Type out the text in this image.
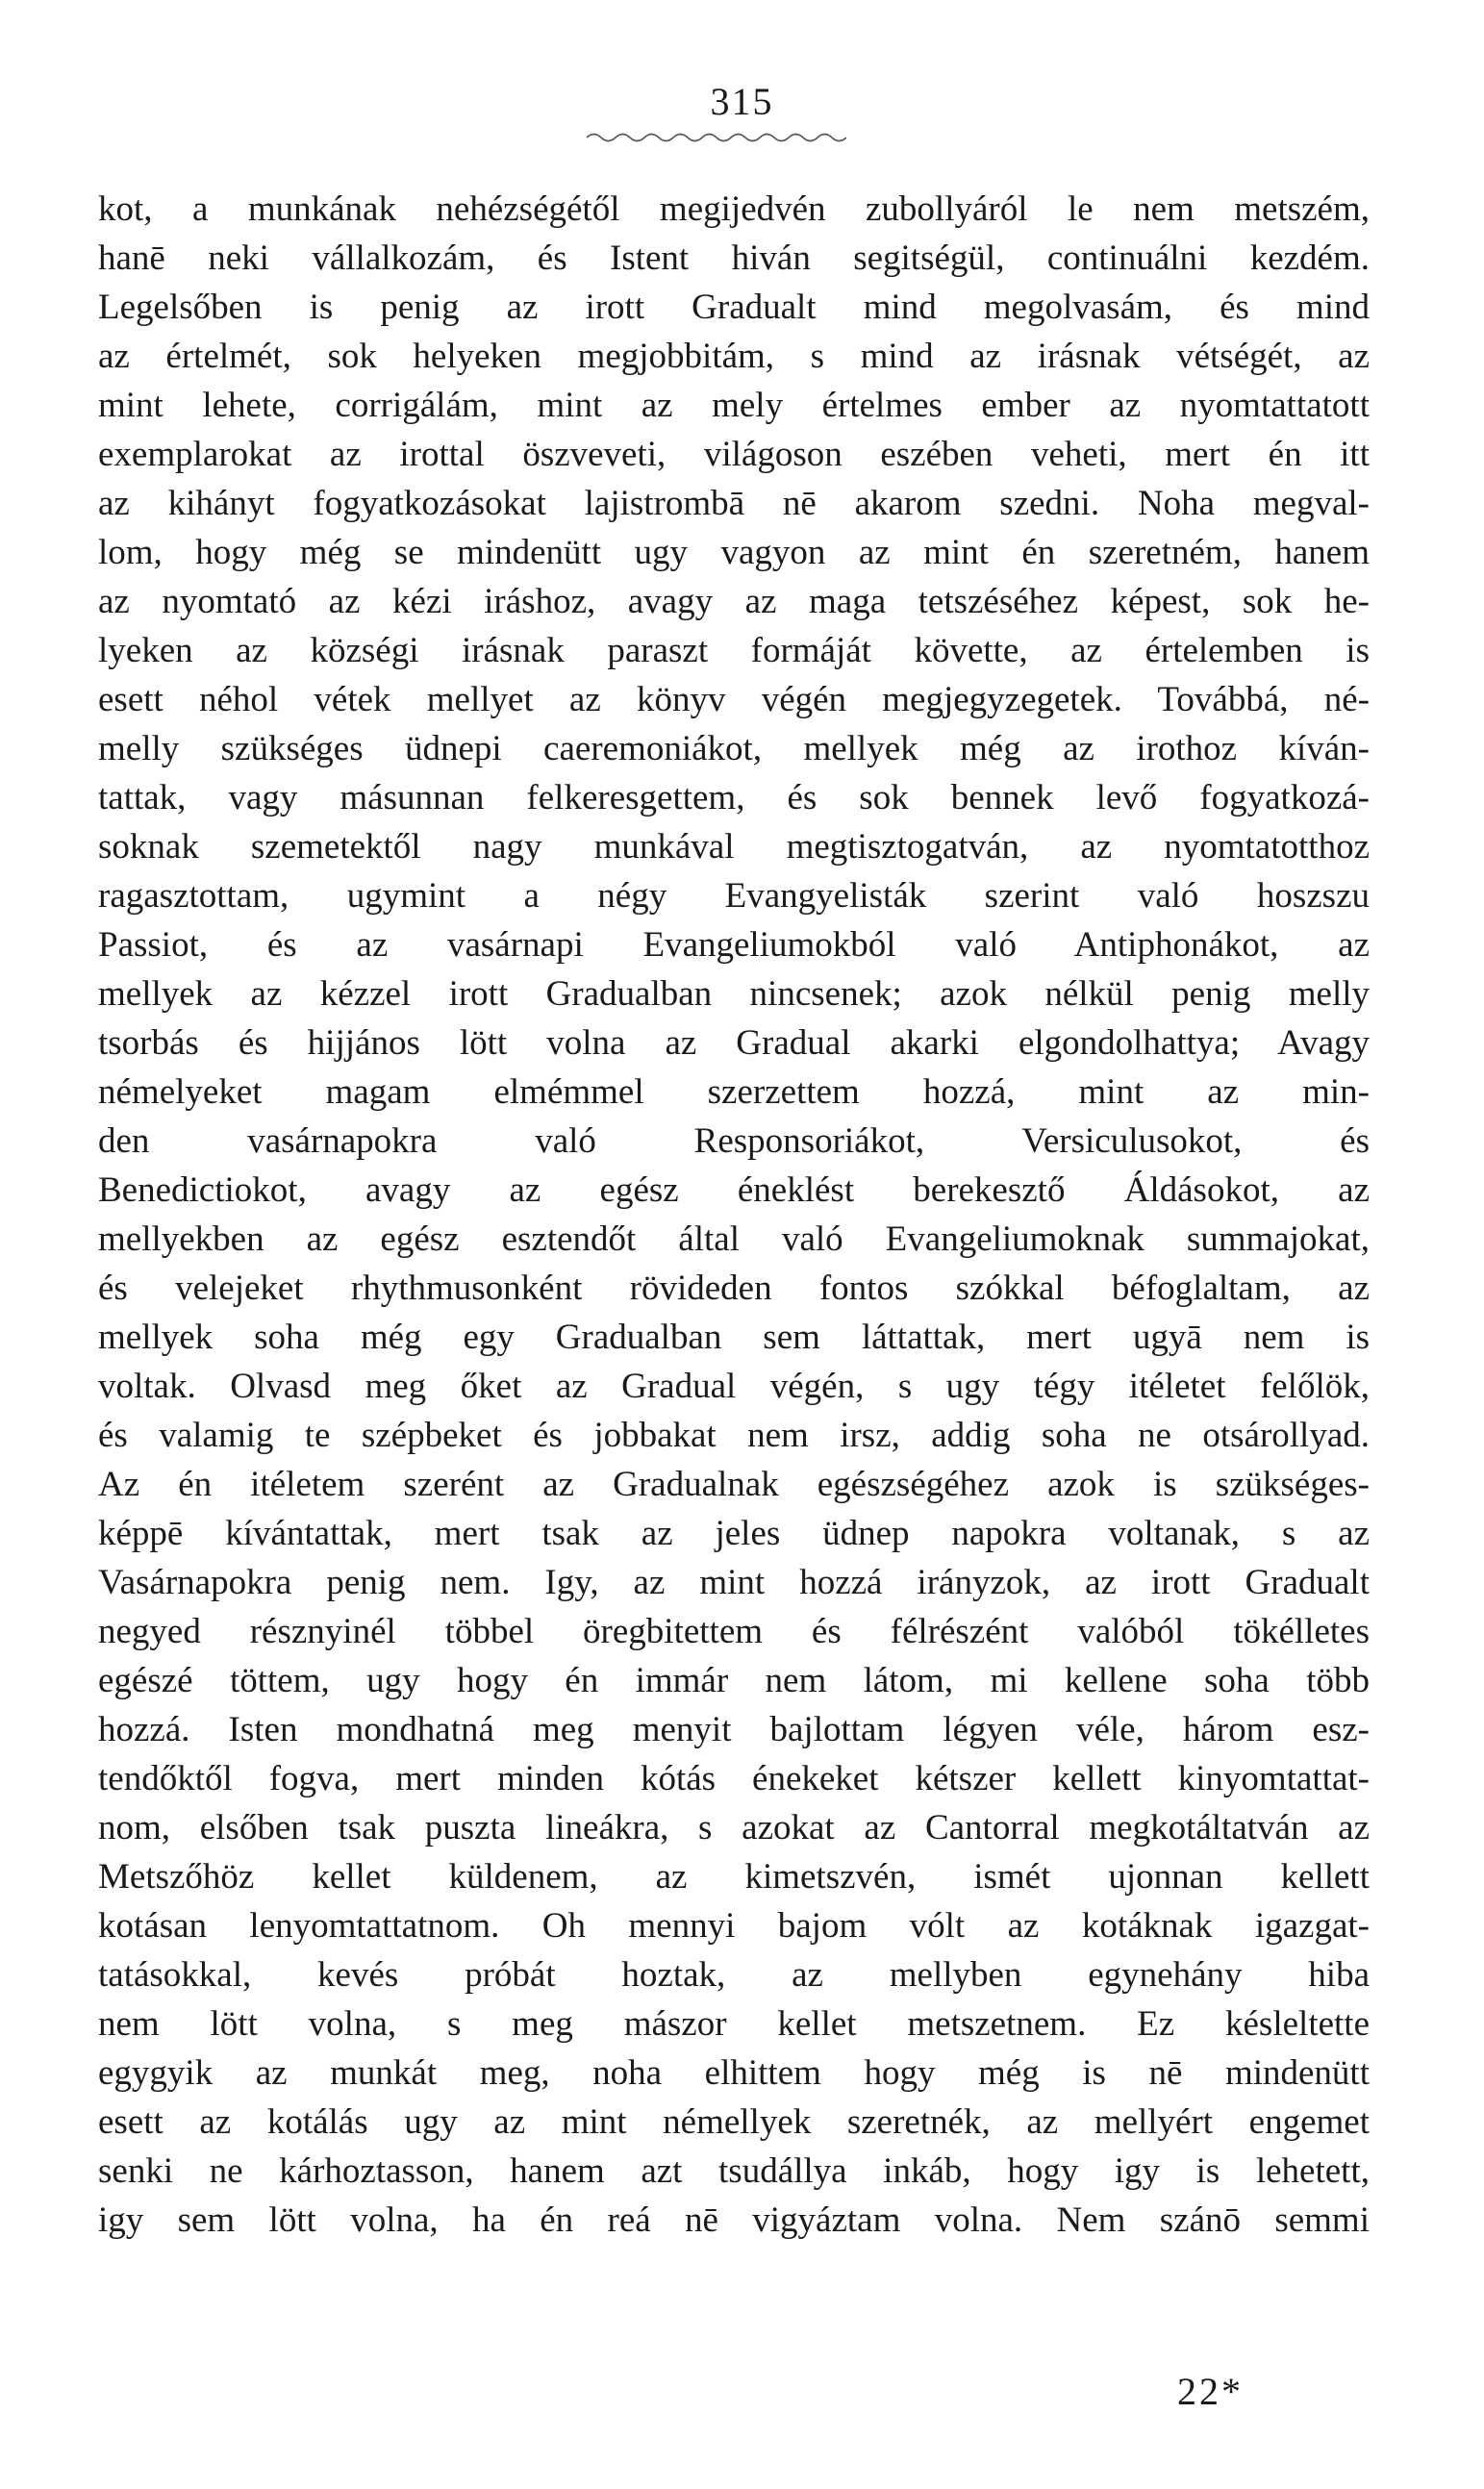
315
kot, a munkának nehézségétől megijedvén zubollyáról le nem metszém,
hanē neki vállalkozám, és Istent hiván segitségül, continuálni kezdém.
Legelsőben is penig az irott Gradualt mind megolvasám, és mind
az értelmét, sok helyeken megjobbitám, s mind az irásnak vétségét, az
mint lehete, corrigálám, mint az mely értelmes ember az nyomtattatott
exemplarokat az irottal öszveveti, világoson eszében veheti, mert én itt
az kihányt fogyatkozásokat lajistrombā nē akarom szedni. Noha megval-
lom, hogy még se mindenütt ugy vagyon az mint én szeretném, hanem
az nyomtató az kézi iráshoz, avagy az maga tetszéséhez képest, sok he-
lyeken az községi irásnak paraszt formáját követte, az értelemben is
esett néhol vétek mellyet az könyv végén megjegyzegetek. Továbbá, né-
melly szükséges üdnepi caeremoniákot, mellyek még az irothoz kíván-
tattak, vagy másunnan felkeresgettem, és sok bennek levő fogyatkozá-
soknak szemetektől nagy munkával megtisztogatván, az nyomtatotthoz
ragasztottam, ugymint a négy Evangyelisták szerint való hoszszu
Passiot, és az vasárnapi Evangeliumokból való Antiphonákot, az
mellyek az kézzel irott Gradualban nincsenek; azok nélkül penig melly
tsorbás és hijjános lött volna az Gradual akarki elgondolhattya; Avagy
némelyeket magam elmémmel szerzettem hozzá, mint az min-
den vasárnapokra való Responsoriákot, Versiculusokot, és
Benedictiokot, avagy az egész éneklést berekesztő Áldásokot, az
mellyekben az egész esztendőt által való Evangeliumoknak summajokat,
és velejeket rhythmusonként rövideden fontos szókkal béfoglaltam, az
mellyek soha még egy Gradualban sem láttattak, mert ugyā nem is
voltak. Olvasd meg őket az Gradual végén, s ugy tégy itéletet felőlök,
és valamig te szépbeket és jobbakat nem irsz, addig soha ne otsárollyad.
Az én itéletem szerént az Gradualnak egészségéhez azok is szükséges-
képpē kívántattak, mert tsak az jeles üdnep napokra voltanak, s az
Vasárnapokra penig nem. Igy, az mint hozzá irányzok, az irott Gradualt
negyed résznyinél többel öregbitettem és félrészént valóból tökélletes
egészé töttem, ugy hogy én immár nem látom, mi kellene soha több
hozzá. Isten mondhatná meg menyit bajlottam légyen véle, három esz-
tendőktől fogva, mert minden kótás énekeket kétszer kellett kinyomtattat-
nom, elsőben tsak puszta lineákra, s azokat az Cantorral megkotáltatván az
Metszőhöz kellet küldenem, az kimetszvén, ismét ujonnan kellett
kotásan lenyomtattatnom. Oh mennyi bajom vólt az kotáknak igazgat-
tatásokkal, kevés próbát hoztak, az mellyben egynehány hiba
nem lött volna, s meg mászor kellet metszetnem. Ez késleltette
egygyik az munkát meg, noha elhittem hogy még is nē mindenütt
esett az kotálás ugy az mint némellyek szeretnék, az mellyért engemet
senki ne kárhoztasson, hanem azt tsudállya inkáb, hogy igy is lehetett,
igy sem lött volna, ha én reá nē vigyáztam volna. Nem szánō semmi
22*
